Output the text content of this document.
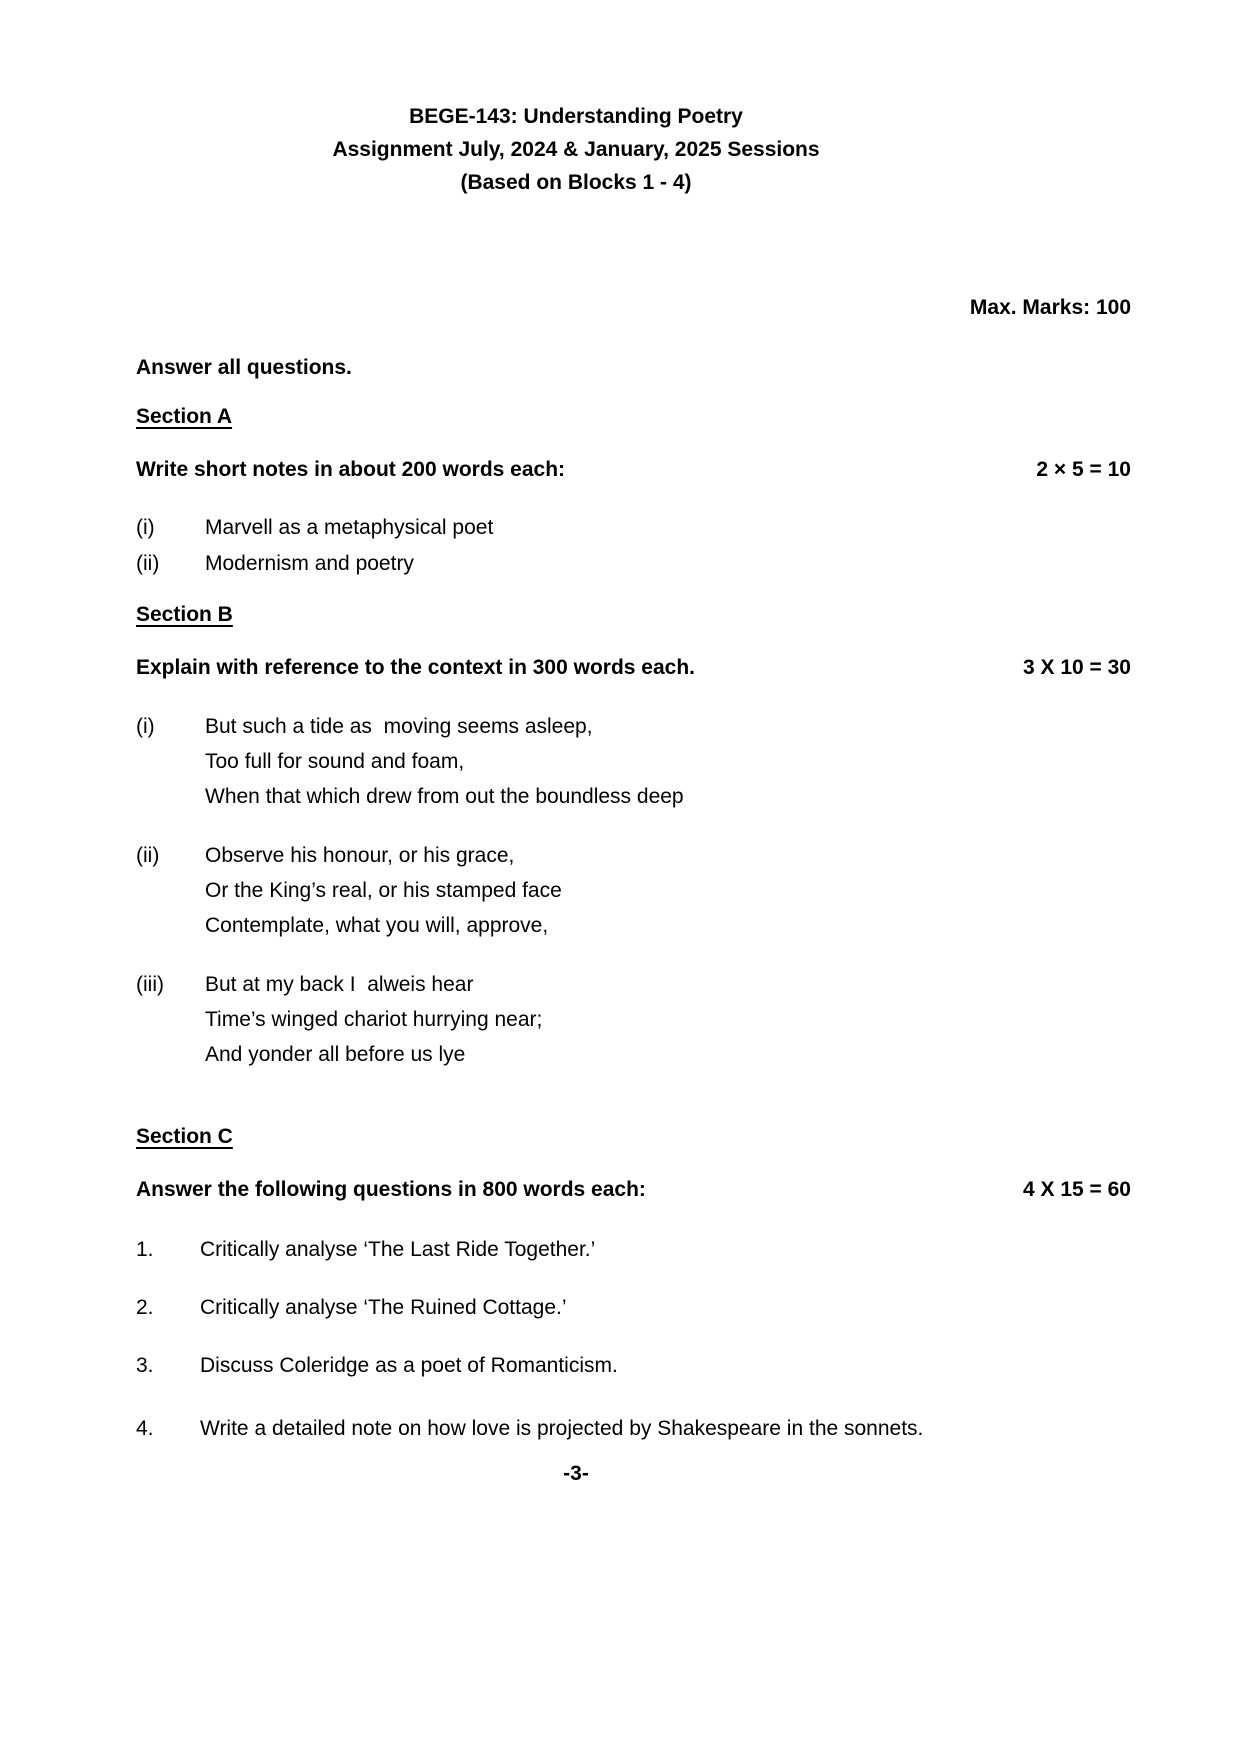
BEGE-143: Understanding Poetry
Assignment July, 2024 & January, 2025 Sessions
(Based on Blocks 1 - 4)
Max. Marks: 100
Answer all questions.
Section A
Write short notes in about 200 words each:	2 × 5 = 10
(i)	Marvell as a metaphysical poet
(ii)	Modernism and poetry
Section B
Explain with reference to the context in 300 words each.	3 X 10 = 30
(i)	But such a tide as  moving seems asleep,
Too full for sound and foam,
When that which drew from out the boundless deep
(ii)	Observe his honour, or his grace,
Or the King’s real, or his stamped face
Contemplate, what you will, approve,
(iii)	But at my back I  alweis hear
Time’s winged chariot hurrying near;
And yonder all before us lye
Section C
Answer the following questions in 800 words each:	4 X 15 = 60
1.	Critically analyse ‘The Last Ride Together.’
2.	Critically analyse ‘The Ruined Cottage.’
3.	Discuss Coleridge as a poet of Romanticism.
4.	Write a detailed note on how love is projected by Shakespeare in the sonnets.
-3-
